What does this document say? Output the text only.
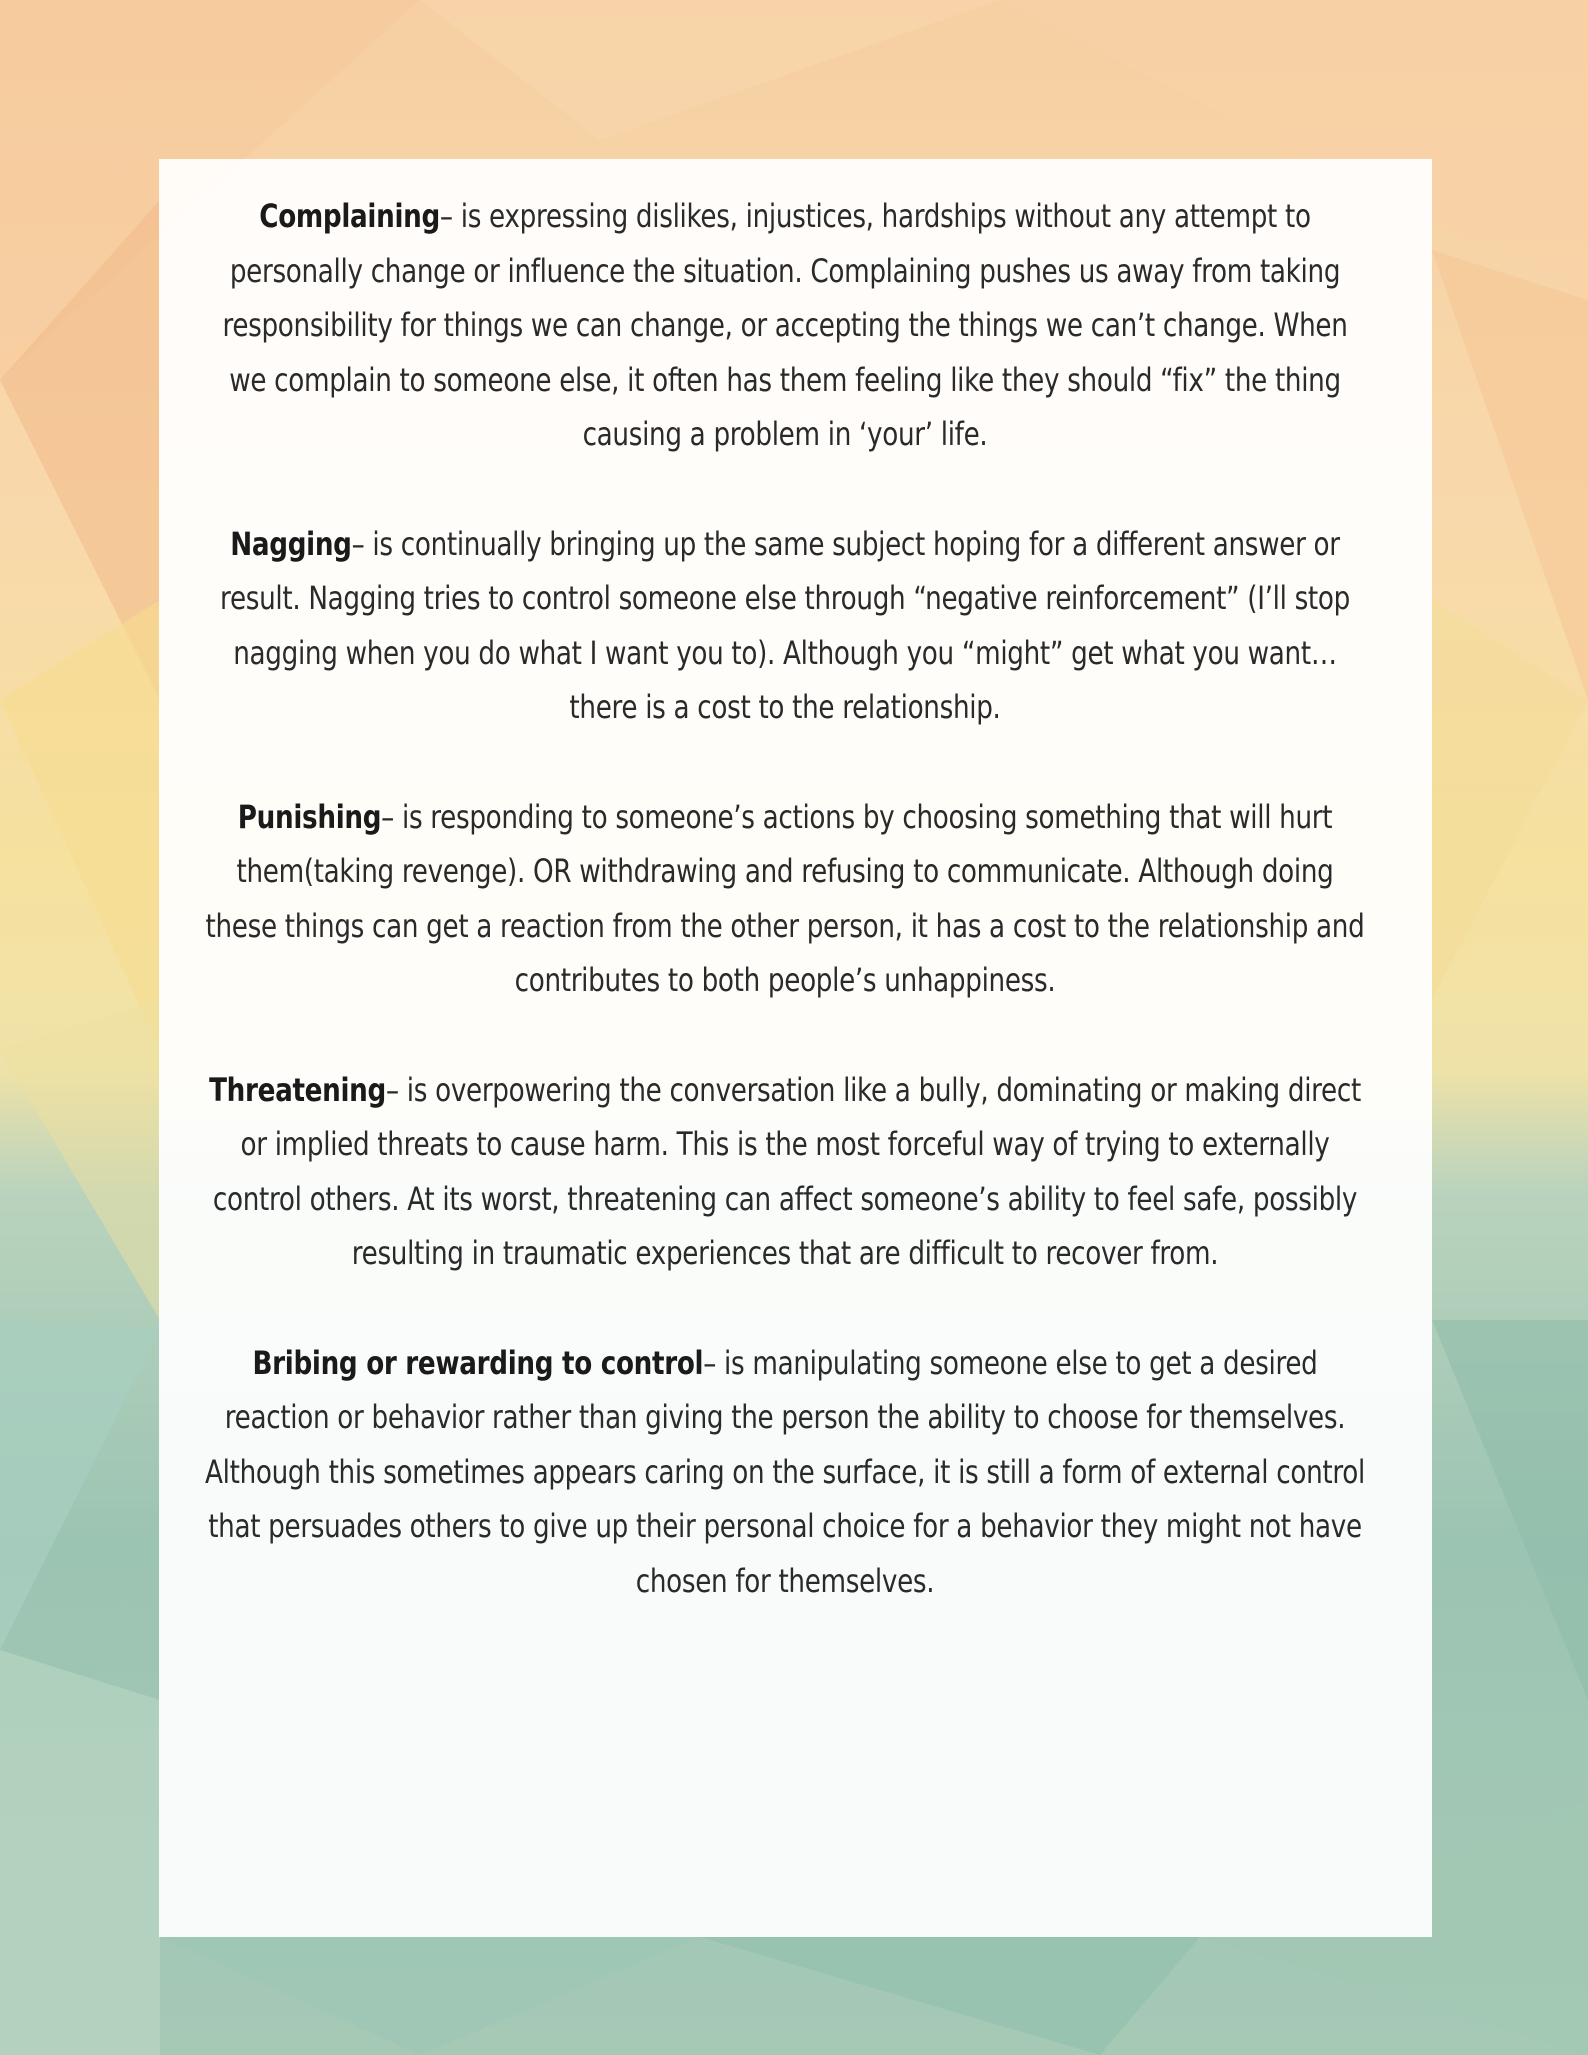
Complaining– is expressing dislikes, injustices, hardships without any attempt to personally change or influence the situation. Complaining pushes us away from taking responsibility for things we can change, or accepting the things we can’t change. When we complain to someone else, it often has them feeling like they should “fix” the thing causing a problem in ‘your’ life.

Nagging– is continually bringing up the same subject hoping for a different answer or result. Nagging tries to control someone else through “negative reinforcement” (I’ll stop nagging when you do what I want you to). Although you “might” get what you want… there is a cost to the relationship.

Punishing– is responding to someone’s actions by choosing something that will hurt them(taking revenge). OR withdrawing and refusing to communicate. Although doing these things can get a reaction from the other person, it has a cost to the relationship and contributes to both people’s unhappiness.

Threatening– is overpowering the conversation like a bully, dominating or making direct or implied threats to cause harm. This is the most forceful way of trying to externally control others. At its worst, threatening can affect someone’s ability to feel safe, possibly resulting in traumatic experiences that are difficult to recover from.

Bribing or rewarding to control– is manipulating someone else to get a desired reaction or behavior rather than giving the person the ability to choose for themselves. Although this sometimes appears caring on the surface, it is still a form of external control that persuades others to give up their personal choice for a behavior they might not have chosen for themselves.
